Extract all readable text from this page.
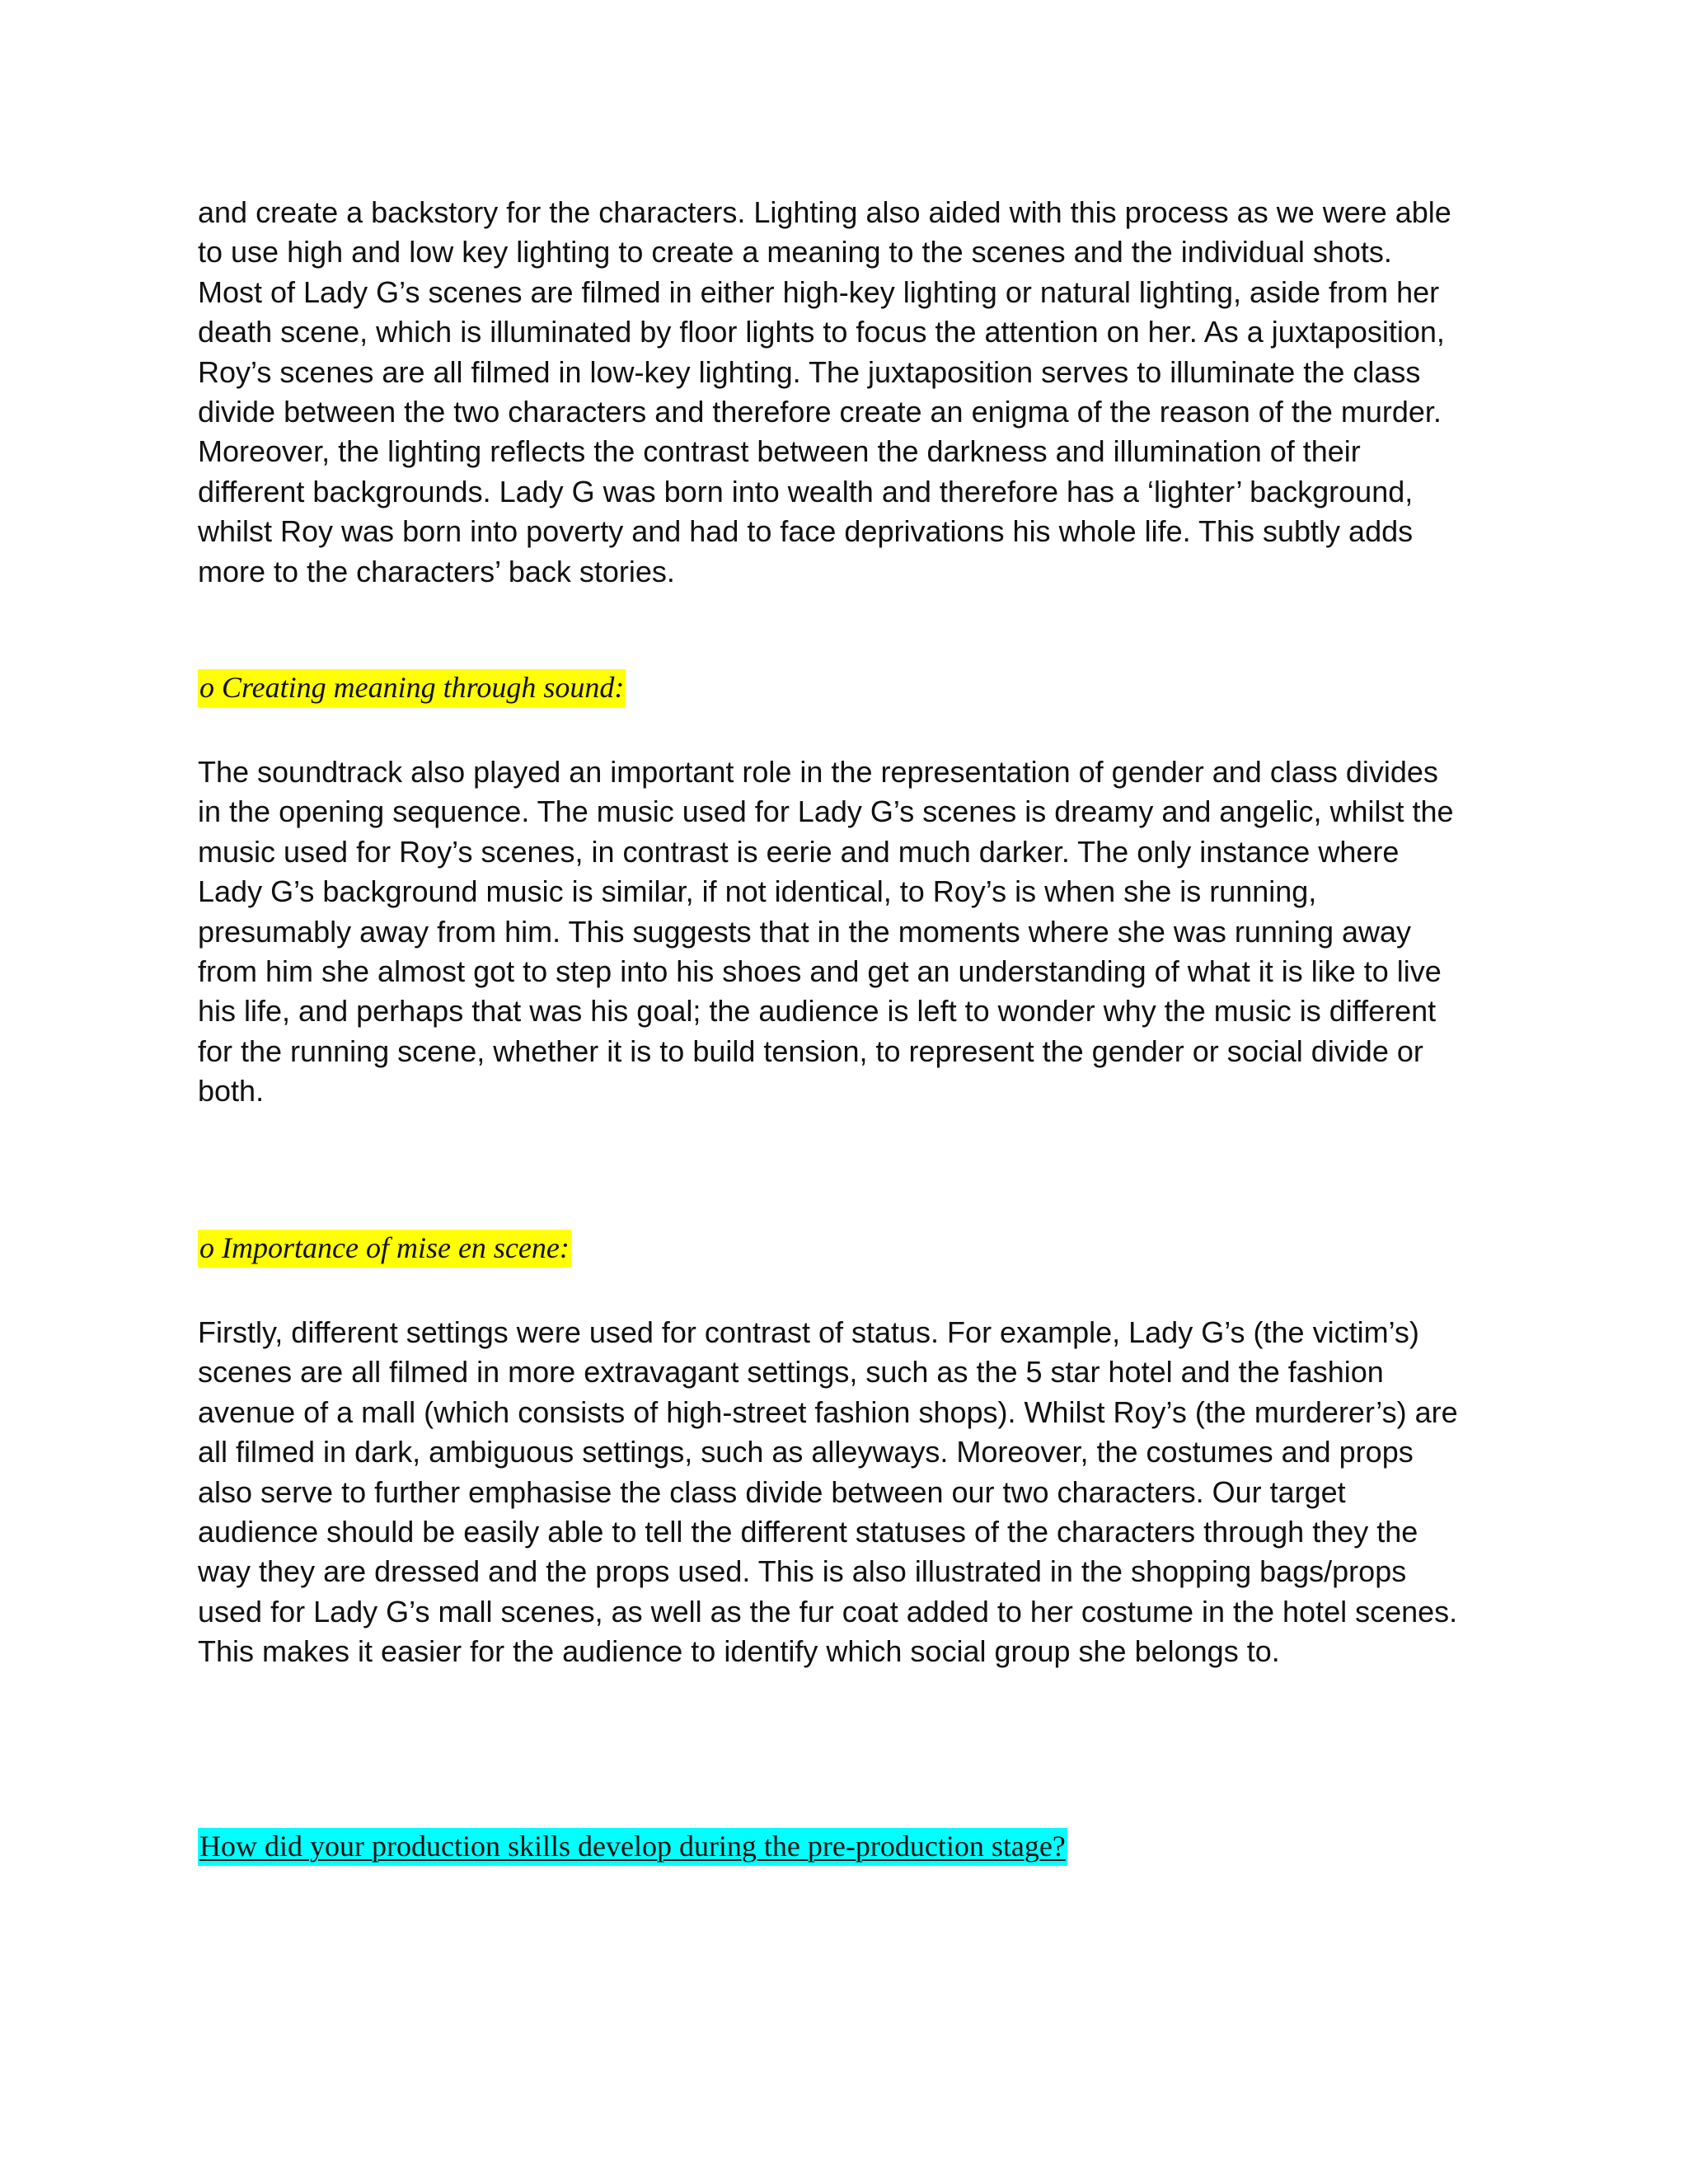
and create a backstory for the characters. Lighting also aided with this process as we were able
to use high and low key lighting to create a meaning to the scenes and the individual shots.
Most of Lady G’s scenes are filmed in either high-key lighting or natural lighting, aside from her
death scene, which is illuminated by floor lights to focus the attention on her. As a juxtaposition,
Roy’s scenes are all filmed in low-key lighting. The juxtaposition serves to illuminate the class
divide between the two characters and therefore create an enigma of the reason of the murder.
Moreover, the lighting reflects the contrast between the darkness and illumination of their
different backgrounds. Lady G was born into wealth and therefore has a ‘lighter’ background,
whilst Roy was born into poverty and had to face deprivations his whole life. This subtly adds
more to the characters’ back stories.
o Creating meaning through sound:
The soundtrack also played an important role in the representation of gender and class divides
in the opening sequence. The music used for Lady G’s scenes is dreamy and angelic, whilst the
music used for Roy’s scenes, in contrast is eerie and much darker. The only instance where
Lady G’s background music is similar, if not identical, to Roy’s is when she is running,
presumably away from him. This suggests that in the moments where she was running away
from him she almost got to step into his shoes and get an understanding of what it is like to live
his life, and perhaps that was his goal; the audience is left to wonder why the music is different
for the running scene, whether it is to build tension, to represent the gender or social divide or
both.
o Importance of mise en scene:
Firstly, different settings were used for contrast of status. For example, Lady G’s (the victim’s)
scenes are all filmed in more extravagant settings, such as the 5 star hotel and the fashion
avenue of a mall (which consists of high-street fashion shops). Whilst Roy’s (the murderer’s) are
all filmed in dark, ambiguous settings, such as alleyways. Moreover, the costumes and props
also serve to further emphasise the class divide between our two characters. Our target
audience should be easily able to tell the different statuses of the characters through they the
way they are dressed and the props used. This is also illustrated in the shopping bags/props
used for Lady G’s mall scenes, as well as the fur coat added to her costume in the hotel scenes.
This makes it easier for the audience to identify which social group she belongs to.
How did your production skills develop during the pre-production stage?
